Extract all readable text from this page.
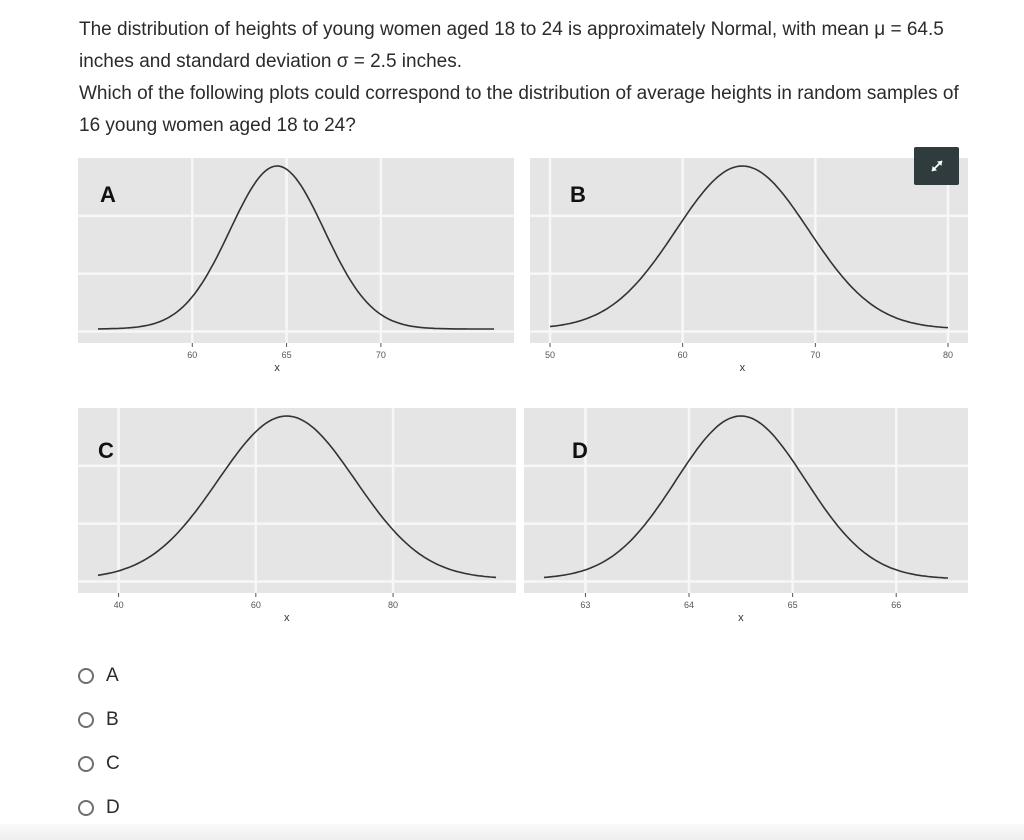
The distribution of heights of young women aged 18 to 24 is approximately Normal, with mean μ = 64.5 inches and standard deviation σ = 2.5 inches.

Which of the following plots could correspond to the distribution of average heights in random samples of 16 young women aged 18 to 24?

60	65	70
A
x
50	60	70	80
B
x
40	60	80
C
x
63	64	65	66
D
x
A
B
C
D
